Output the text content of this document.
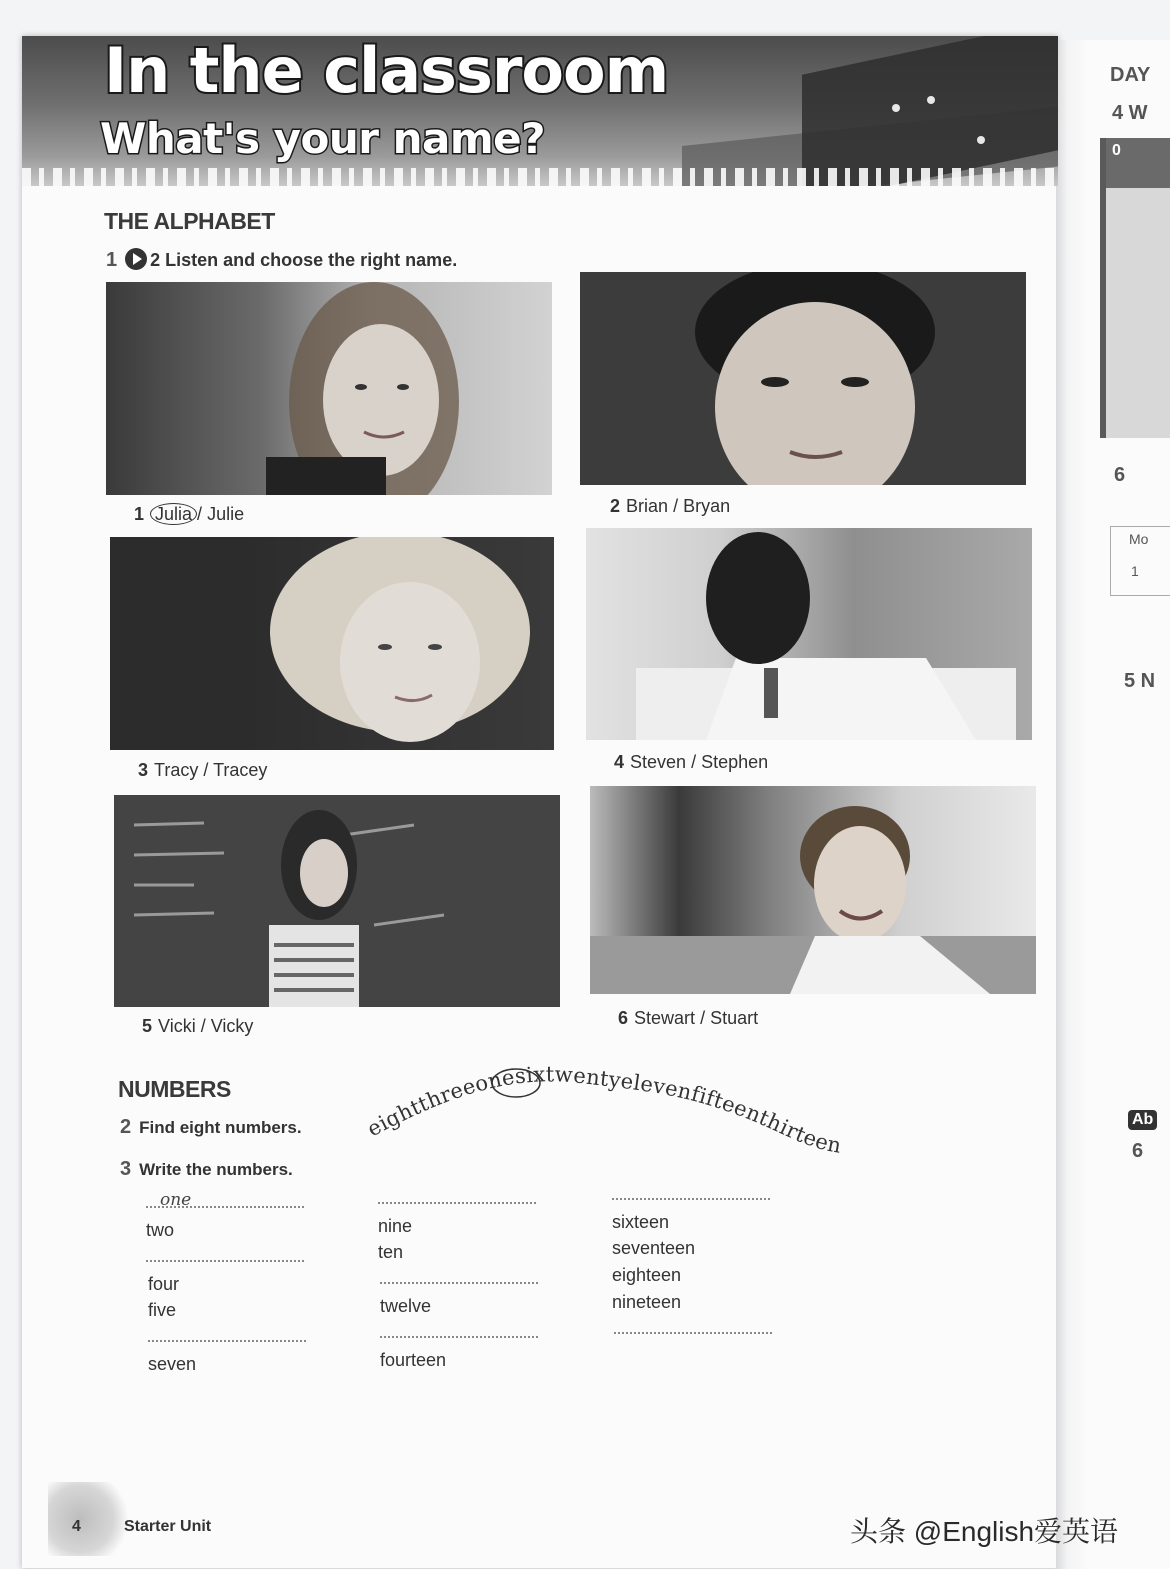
DAY
4 W
0
6
Mo
1
5 N
Ab
6
In the classroom
What's your name?
THE ALPHABET
1 2 Listen and choose the right name.
1 Julia / Julie	2 Brian / Bryan
3 Tracy / Tracey	4 Steven / Stephen
5 Vicki / Vicky	6 Stewart / Stuart
NUMBERS
2 Find eight numbers.
3 Write the numbers.
eightthreeonesixtwentyelevenfifteenthirteen
one
two
four
five
seven
nine
ten
twelve
fourteen
sixteen
seventeen
eighteen
nineteen
4	Starter Unit	头条 @English爱英语
